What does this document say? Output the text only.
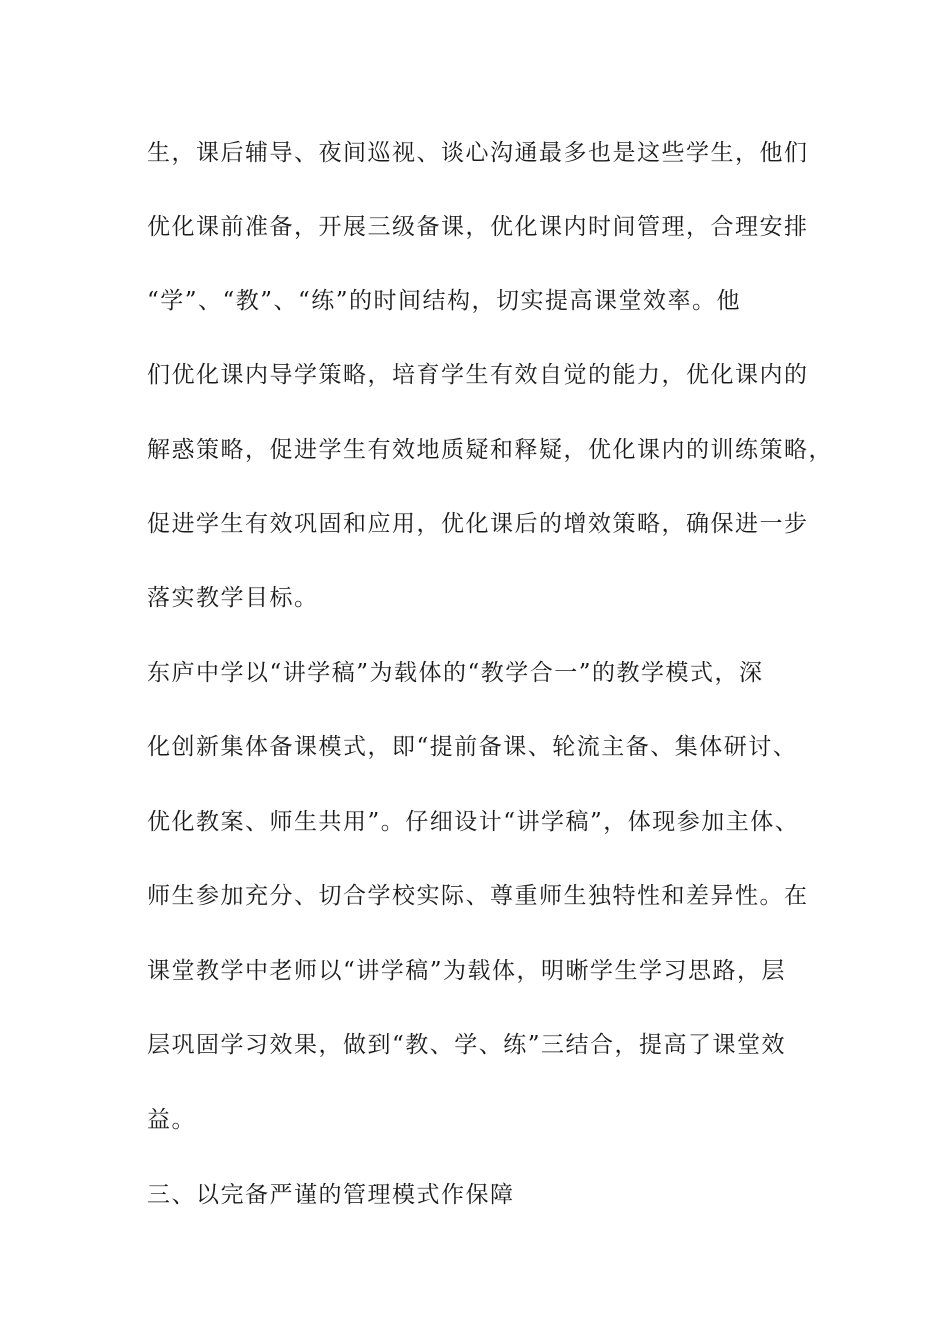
生，课后辅导、夜间巡视、谈心沟通最多也是这些学生，他们
优化课前准备，开展三级备课，优化课内时间管理，合理安排
“学”、“教”、“练”的时间结构，切实提高课堂效率。他
们优化课内导学策略，培育学生有效自觉的能力，优化课内的
解惑策略，促进学生有效地质疑和释疑，优化课内的训练策略，
促进学生有效巩固和应用，优化课后的增效策略，确保进一步
落实教学目标。
东庐中学以“讲学稿”为载体的“教学合一”的教学模式，深
化创新集体备课模式，即“提前备课、轮流主备、集体研讨、
优化教案、师生共用”。仔细设计“讲学稿”，体现参加主体、
师生参加充分、切合学校实际、尊重师生独特性和差异性。在
课堂教学中老师以“讲学稿”为载体，明晰学生学习思路，层
层巩固学习效果，做到“教、学、练”三结合，提高了课堂效
益。
三、以完备严谨的管理模式作保障
